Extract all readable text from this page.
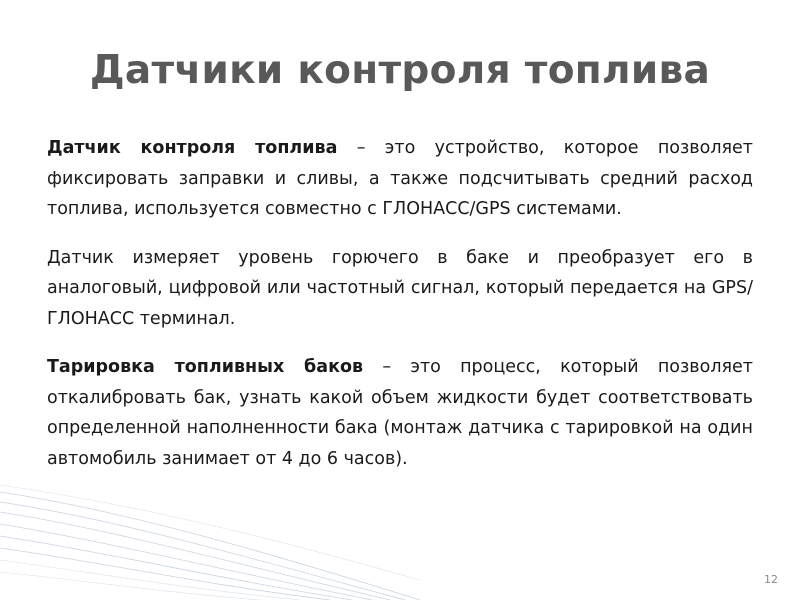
Датчики контроля топлива

Датчик контроля топлива – это устройство, которое позволяет фиксировать заправки и сливы, а также подсчитывать средний расход топлива, используется совместно с ГЛОНАСС/GPS системами.

Датчик измеряет уровень горючего в баке и преобразует его в аналоговый, цифровой или частотный сигнал, который передается на GPS/ГЛОНАСС терминал.

Тарировка топливных баков – это процесс, который позволяет откалибровать бак, узнать какой объем жидкости будет соответствовать определенной наполненности бака (монтаж датчика с тарировкой на один автомобиль занимает от 4 до 6 часов).

12
